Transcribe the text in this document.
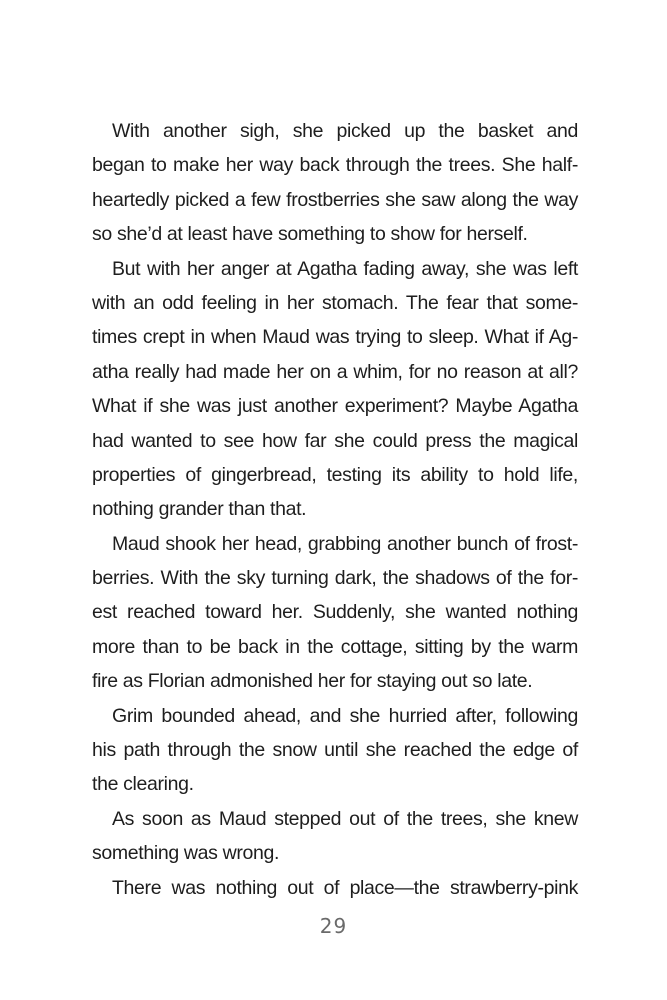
With another sigh, she picked up the basket and
began to make her way back through the trees. She half-
heartedly picked a few frostberries she saw along the way
so she’d at least have something to show for herself.
But with her anger at Agatha fading away, she was left
with an odd feeling in her stomach. The fear that some-
times crept in when Maud was trying to sleep. What if Ag-
atha really had made her on a whim, for no reason at all?
What if she was just another experiment? Maybe Agatha
had wanted to see how far she could press the magical
properties of gingerbread, testing its ability to hold life,
nothing grander than that.
Maud shook her head, grabbing another bunch of frost-
berries. With the sky turning dark, the shadows of the for-
est reached toward her. Suddenly, she wanted nothing
more than to be back in the cottage, sitting by the warm
fire as Florian admonished her for staying out so late.
Grim bounded ahead, and she hurried after, following
his path through the snow until she reached the edge of
the clearing.
As soon as Maud stepped out of the trees, she knew
something was wrong.
There was nothing out of place—the strawberry-pink
29
